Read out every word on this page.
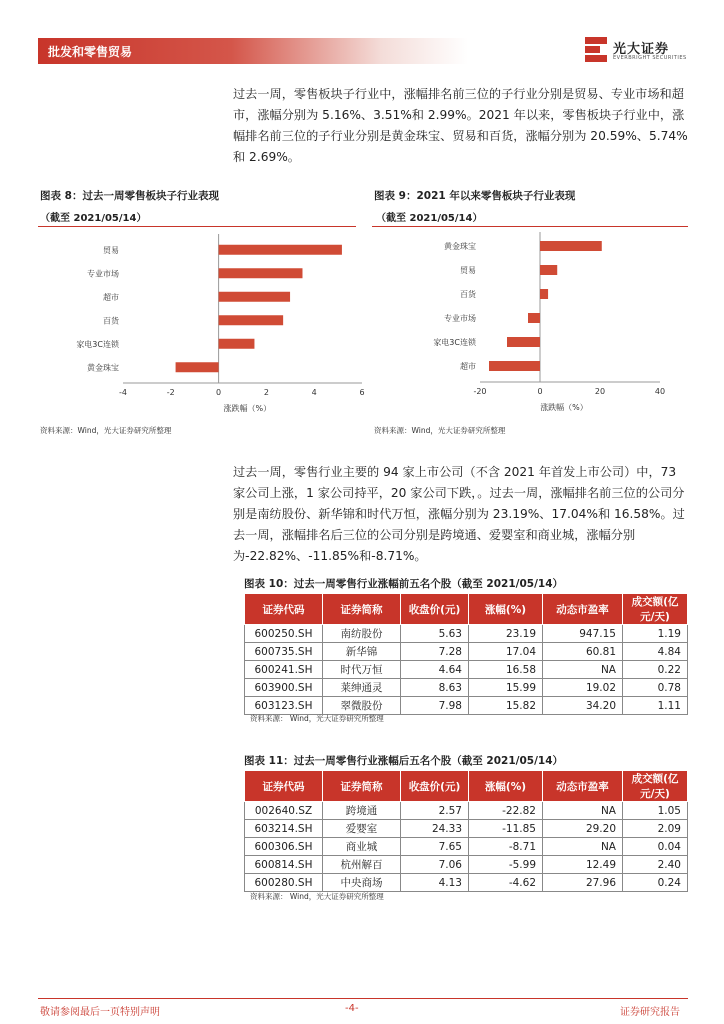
批发和零售贸易	光大证券
EVERBRIGHT SECURITIES
过去一周，零售板块子行业中，涨幅排名前三位的子行业分别是贸易、专业市场和超市，涨幅分别为 5.16%、3.51%和 2.99%。2021 年以来，零售板块子行业中，涨幅排名前三位的子行业分别是黄金珠宝、贸易和百货，涨幅分别为 20.59%、5.74%和 2.69%。
图表 8：过去一周零售板块子行业表现
（截至 2021/05/14）
贸易
专业市场
超市
百货
家电3C连锁
黄金珠宝
-4	-2	0	2	4	6
涨跌幅（%）
资料来源：Wind，光大证券研究所整理
图表 9：2021 年以来零售板块子行业表现
（截至 2021/05/14）
黄金珠宝
贸易
百货
专业市场
家电3C连锁
超市
-20	0	20	40
涨跌幅（%）
资料来源：Wind，光大证券研究所整理
过去一周，零售行业主要的 94 家上市公司（不含 2021 年首发上市公司）中，73 家公司上涨，1 家公司持平，20 家公司下跌，。过去一周，涨幅排名前三位的公司分别是南纺股份、新华锦和时代万恒，涨幅分别为 23.19%、17.04%和 16.58%。过去一周，涨幅排名后三位的公司分别是跨境通、爱婴室和商业城，涨幅分别为-22.82%、-11.85%和-8.71%。
图表 10：过去一周零售行业涨幅前五名个股（截至 2021/05/14）
证券代码	证券简称	收盘价(元)	涨幅(%)	动态市盈率	成交额(亿元/天)
600250.SH	南纺股份	5.63	23.19	947.15	1.19
600735.SH	新华锦	7.28	17.04	60.81	4.84
600241.SH	时代万恒	4.64	16.58	NA	0.22
603900.SH	莱绅通灵	8.63	15.99	19.02	0.78
603123.SH	翠微股份	7.98	15.82	34.20	1.11
资料来源： Wind，光大证券研究所整理
图表 11：过去一周零售行业涨幅后五名个股（截至 2021/05/14）
证券代码	证券简称	收盘价(元)	涨幅(%)	动态市盈率	成交额(亿元/天)
002640.SZ	跨境通	2.57	-22.82	NA	1.05
603214.SH	爱婴室	24.33	-11.85	29.20	2.09
600306.SH	商业城	7.65	-8.71	NA	0.04
600814.SH	杭州解百	7.06	-5.99	12.49	2.40
600280.SH	中央商场	4.13	-4.62	27.96	0.24
资料来源： Wind，光大证券研究所整理
敬请参阅最后一页特别声明	-4-	证券研究报告
